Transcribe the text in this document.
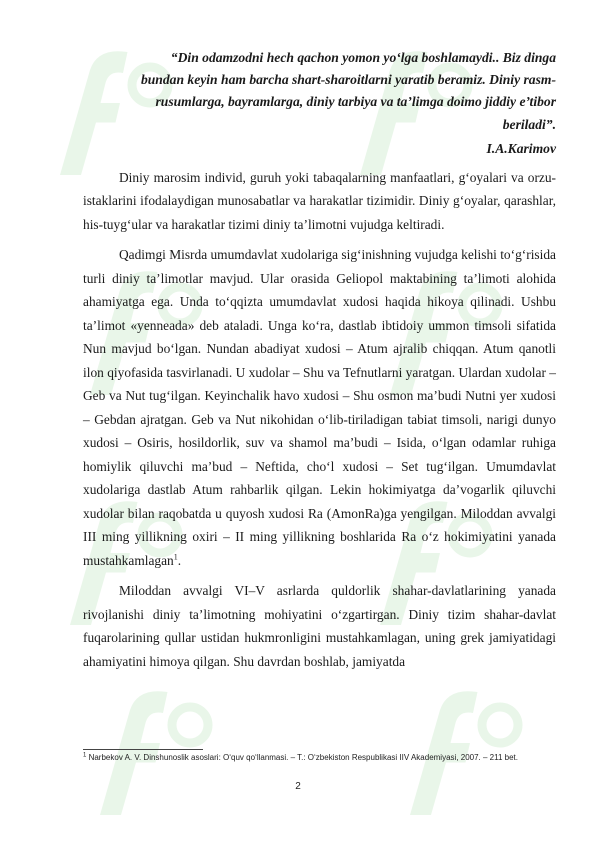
“Din odamzodni hech qachon yomon yo‘lga boshlamaydi.. Biz dinga
bundan keyin ham barcha shart-sharoitlarni yaratib beramiz. Diniy rasm-
rusumlarga, bayramlarga, diniy tarbiya va ta’limga doimo jiddiy e’tibor
beriladi”.

I.A.Karimov

Diniy marosim individ, guruh yoki tabaqalarning manfaatlari, g‘oyalari va orzu-istaklarini ifodalaydigan munosabatlar va harakatlar tizimidir. Diniy g‘oyalar, qarashlar, his-tuyg‘ular va harakatlar tizimi diniy ta’limotni vujudga keltiradi.

Qadimgi Misrda umumdavlat xudolariga sig‘inishning vujudga kelishi to‘g‘risida turli diniy ta’limotlar mavjud. Ular orasida Geliopol maktabining ta’limoti alohida ahamiyatga ega. Unda to‘qqizta umumdavlat xudosi haqida hikoya qilinadi. Ushbu ta’limot «yenneada» deb ataladi. Unga ko‘ra, dastlab ibtidoiy ummon timsoli sifatida Nun mavjud bo‘lgan. Nundan abadiyat xudosi – Atum ajralib chiqqan. Atum qanotli ilon qiyofasida tasvirlanadi. U xudolar – Shu va Tefnutlarni yaratgan. Ulardan xudolar – Geb va Nut tug‘ilgan. Keyinchalik havo xudosi – Shu osmon ma’budi Nutni yer xudosi – Gebdan ajratgan. Geb va Nut nikohidan o‘lib-tiriladigan tabiat timsoli, narigi dunyo xudosi – Osiris, hosildorlik, suv va shamol ma’budi – Isida, o‘lgan odamlar ruhiga homiylik qiluvchi ma’bud – Neftida, cho‘l xudosi – Set tug‘ilgan. Umumdavlat xudolariga dastlab Atum rahbarlik qilgan. Lekin hokimiyatga da’vogarlik qiluvchi xudolar bilan raqobatda u quyosh xudosi Ra (AmonRa)ga yengilgan. Miloddan avvalgi III ming yillikning oxiri – II ming yillikning boshlarida Ra o‘z hokimiyatini yanada mustahkamlagan$^1$.

Miloddan avvalgi VI–V asrlarda quldorlik shahar-davlatlarining yanada rivojlanishi diniy ta’limotning mohiyatini o‘zgartirgan. Diniy tizim shahar-davlat fuqarolarining qullar ustidan hukmronligini mustahkamlagan, uning grek jamiyatidagi ahamiyatini himoya qilgan. Shu davrdan boshlab, jamiyatda

$^1$ Narbekov A. V. Dinshunoslik asoslari: O‘quv qo‘llanmasi. – T.: O‘zbekiston Respublikasi IIV Akademiyasi, 2007. – 211 bet.

2
